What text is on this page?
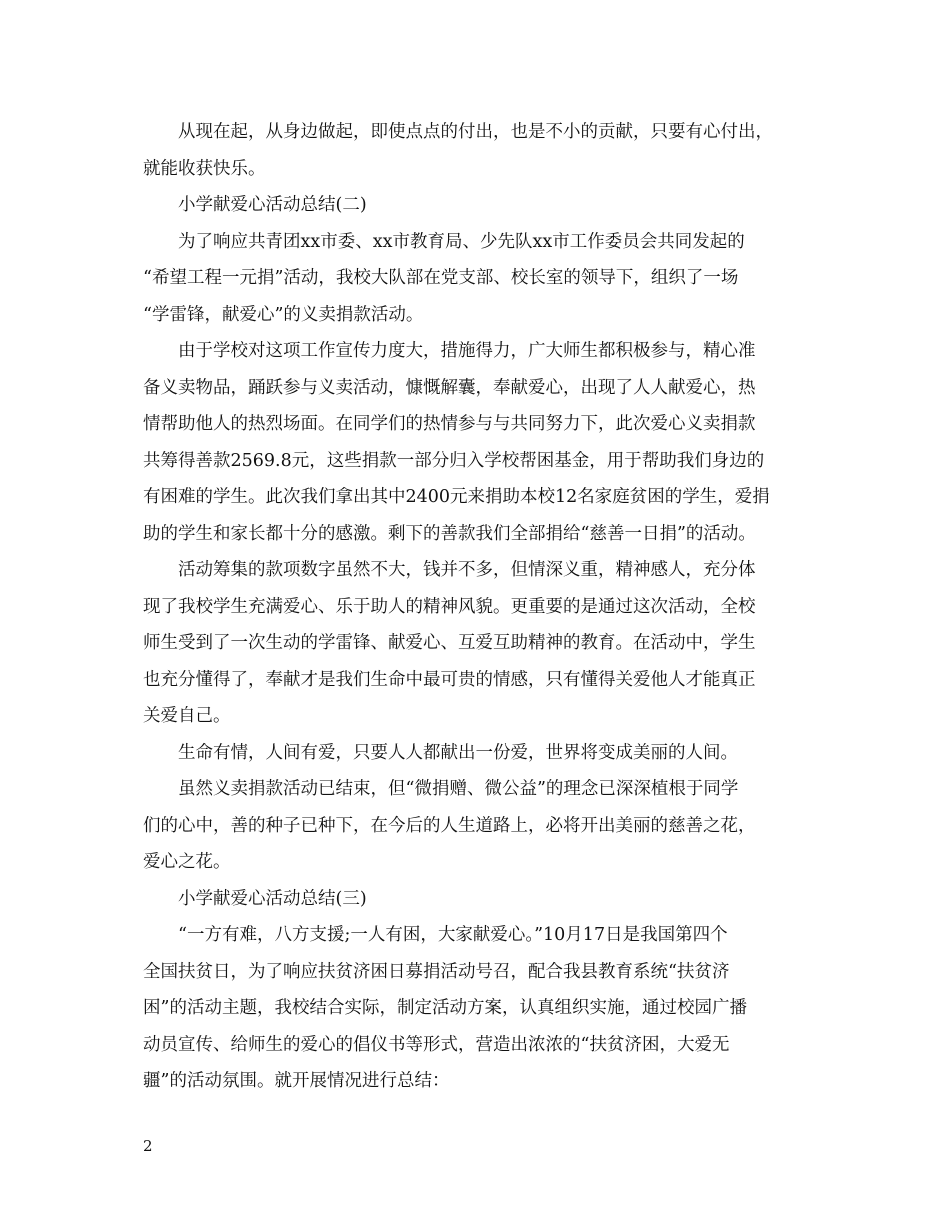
从现在起，从身边做起，即使点点的付出，也是不小的贡献，只要有心付出，
就能收获快乐。
小学献爱心活动总结(二)
为了响应共青团xx市委、xx市教育局、少先队xx市工作委员会共同发起的
“希望工程一元捐”活动，我校大队部在党支部、校长室的领导下，组织了一场
“学雷锋，献爱心”的义卖捐款活动。
由于学校对这项工作宣传力度大，措施得力，广大师生都积极参与，精心准
备义卖物品，踊跃参与义卖活动，慷慨解囊，奉献爱心，出现了人人献爱心，热
情帮助他人的热烈场面。在同学们的热情参与与共同努力下，此次爱心义卖捐款
共筹得善款2569.8元，这些捐款一部分归入学校帮困基金，用于帮助我们身边的
有困难的学生。此次我们拿出其中2400元来捐助本校12名家庭贫困的学生，爱捐
助的学生和家长都十分的感激。剩下的善款我们全部捐给“慈善一日捐”的活动。
活动筹集的款项数字虽然不大，钱并不多，但情深义重，精神感人，充分体
现了我校学生充满爱心、乐于助人的精神风貌。更重要的是通过这次活动，全校
师生受到了一次生动的学雷锋、献爱心、互爱互助精神的教育。在活动中，学生
也充分懂得了，奉献才是我们生命中最可贵的情感，只有懂得关爱他人才能真正
关爱自己。
生命有情，人间有爱，只要人人都献出一份爱，世界将变成美丽的人间。
虽然义卖捐款活动已结束，但“微捐赠、微公益”的理念已深深植根于同学
们的心中，善的种子已种下，在今后的人生道路上，必将开出美丽的慈善之花，
爱心之花。
小学献爱心活动总结(三)
“一方有难，八方支援;一人有困，大家献爱心。”10月17日是我国第四个
全国扶贫日，为了响应扶贫济困日募捐活动号召，配合我县教育系统“扶贫济
困”的活动主题，我校结合实际，制定活动方案，认真组织实施，通过校园广播
动员宣传、给师生的爱心的倡仪书等形式，营造出浓浓的“扶贫济困，大爱无
疆”的活动氛围。就开展情况进行总结：
2
